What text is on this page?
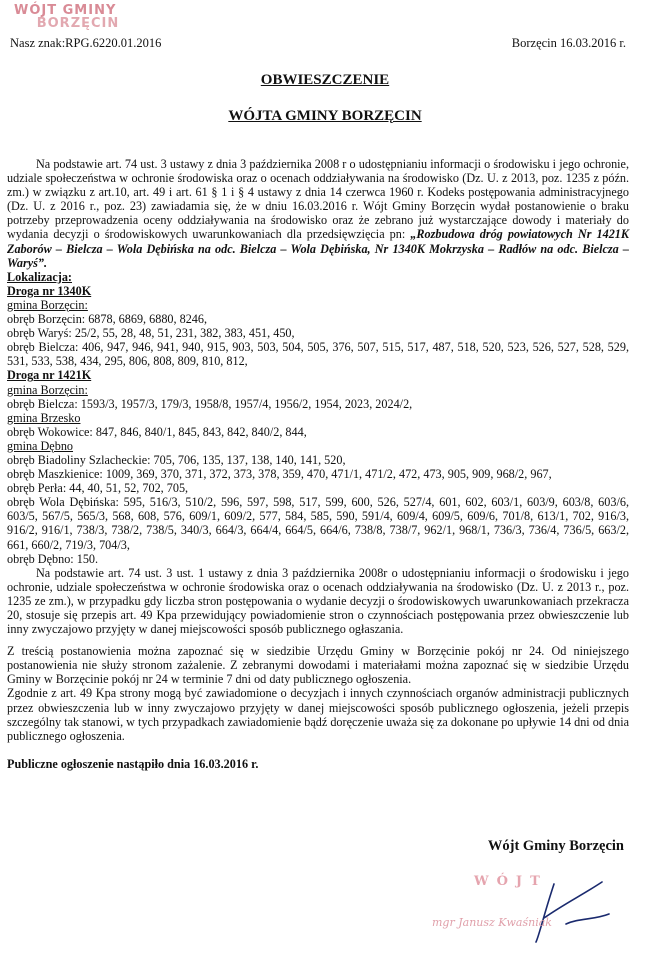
WÓJT GMINY
BORZĘCIN
Nasz znak:RPG.6220.01.2016	Borzęcin 16.03.2016 r.
OBWIESZCZENIE
WÓJTA GMINY BORZĘCIN

Na podstawie art. 74 ust. 3 ustawy z dnia 3 października 2008 r o udostępnianiu informacji o środowisku i jego ochronie, udziale społeczeństwa w ochronie środowiska oraz o ocenach oddziaływania na środowisko (Dz. U. z 2013, poz. 1235 z późn. zm.) w związku z art.10, art. 49 i art. 61 § 1 i § 4 ustawy z dnia 14 czerwca 1960 r. Kodeks postępowania administracyjnego (Dz. U. z 2016 r., poz. 23) zawiadamia się, że w dniu 16.03.2016 r. Wójt Gminy Borzęcin wydał postanowienie o braku potrzeby przeprowadzenia oceny oddziaływania na środowisko oraz że zebrano już wystarczające dowody i materiały do wydania decyzji o środowiskowych uwarunkowaniach dla przedsięwzięcia pn: „Rozbudowa dróg powiatowych Nr 1421K Zaborów – Bielcza – Wola Dębińska na odc. Bielcza – Wola Dębińska, Nr 1340K Mokrzyska – Radłów na odc. Bielcza – Waryś”.

Lokalizacja:

Droga nr 1340K

gmina Borzęcin:

obręb Borzęcin: 6878, 6869, 6880, 8246,

obręb Waryś: 25/2, 55, 28, 48, 51, 231, 382, 383, 451, 450,

obręb Bielcza: 406, 947, 946, 941, 940, 915, 903, 503, 504, 505, 376, 507, 515, 517, 487, 518, 520, 523, 526, 527, 528, 529, 531, 533, 538, 434, 295, 806, 808, 809, 810, 812,

Droga nr 1421K

gmina Borzęcin:

obręb Bielcza: 1593/3, 1957/3, 179/3, 1958/8, 1957/4, 1956/2, 1954, 2023, 2024/2,

gmina Brzesko

obręb Wokowice: 847, 846, 840/1, 845, 843, 842, 840/2, 844,

gmina Dębno

obręb Biadoliny Szlacheckie: 705, 706, 135, 137, 138, 140, 141, 520,

obręb Maszkienice: 1009, 369, 370, 371, 372, 373, 378, 359, 470, 471/1, 471/2, 472, 473, 905, 909, 968/2, 967,

obręb Perła: 44, 40, 51, 52, 702, 705,

obręb Wola Dębińska: 595, 516/3, 510/2, 596, 597, 598, 517, 599, 600, 526, 527/4, 601, 602, 603/1, 603/9, 603/8, 603/6, 603/5, 567/5, 565/3, 568, 608, 576, 609/1, 609/2, 577, 584, 585, 590, 591/4, 609/4, 609/5, 609/6, 701/8, 613/1, 702, 916/3, 916/2, 916/1, 738/3, 738/2, 738/5, 340/3, 664/3, 664/4, 664/5, 664/6, 738/8, 738/7, 962/1, 968/1, 736/3, 736/4, 736/5, 663/2, 661, 660/2, 719/3, 704/3,

obręb Dębno: 150.

Na podstawie art. 74 ust. 3 ust. 1 ustawy z dnia 3 października 2008r o udostępnianiu informacji o środowisku i jego ochronie, udziale społeczeństwa w ochronie środowiska oraz o ocenach oddziaływania na środowisko (Dz. U. z 2013 r., poz. 1235 ze zm.), w przypadku gdy liczba stron postępowania o wydanie decyzji o środowiskowych uwarunkowaniach przekracza 20, stosuje się przepis art. 49 Kpa przewidujący powiadomienie stron o czynnościach postępowania przez obwieszczenie lub inny zwyczajowo przyjęty w danej miejscowości sposób publicznego ogłaszania.

Z treścią postanowienia można zapoznać się w siedzibie Urzędu Gminy w Borzęcinie pokój nr 24. Od niniejszego postanowienia nie służy stronom zażalenie. Z zebranymi dowodami i materiałami można zapoznać się w siedzibie Urzędu Gminy w Borzęcinie pokój nr 24 w terminie 7 dni od daty publicznego ogłoszenia.

Zgodnie z art. 49 Kpa strony mogą być zawiadomione o decyzjach i innych czynnościach organów administracji publicznych przez obwieszczenia lub w inny zwyczajowo przyjęty w danej miejscowości sposób publicznego ogłoszenia, jeżeli przepis szczególny tak stanowi, w tych przypadkach zawiadomienie bądź doręczenie uważa się za dokonane po upływie 14 dni od dnia publicznego ogłoszenia.

Publiczne ogłoszenie nastąpiło dnia 16.03.2016 r.

Wójt Gminy Borzęcin
WÓJT
mgr Janusz Kwaśniak
